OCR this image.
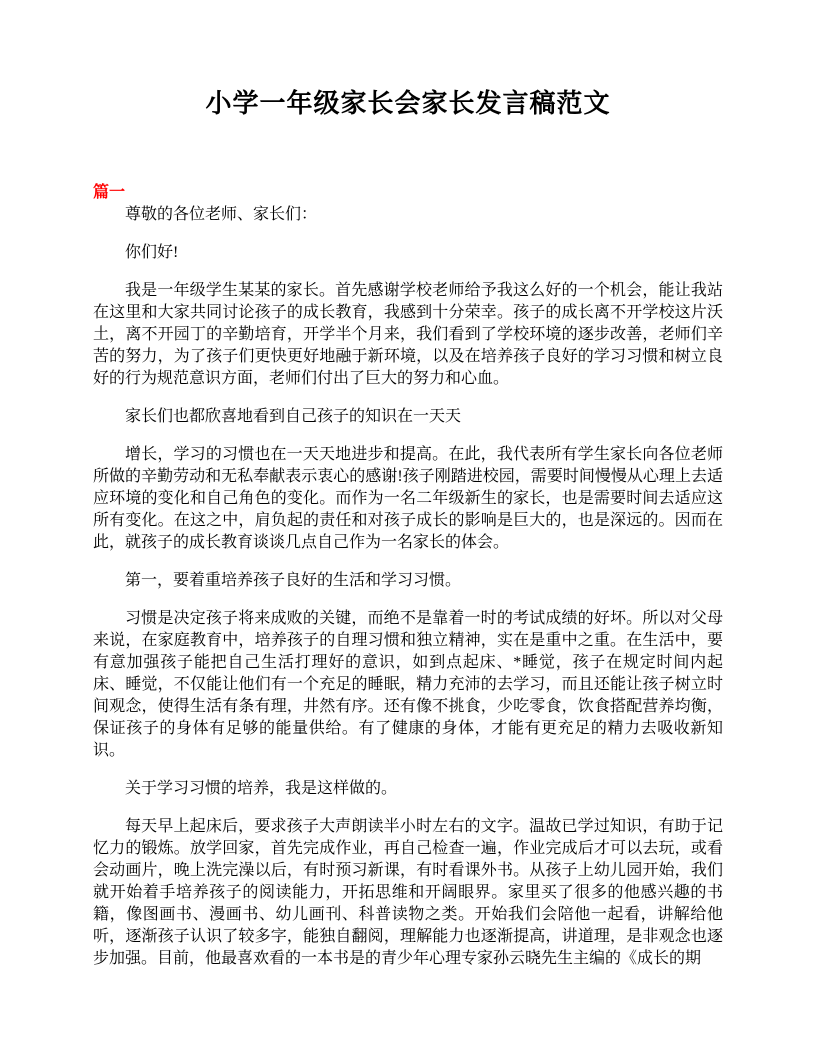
小学一年级家长会家长发言稿范文
篇一

尊敬的各位老师、家长们：

你们好!

我是一年级学生某某的家长。首先感谢学校老师给予我这么好的一个机会，能让我站在这里和大家共同讨论孩子的成长教育，我感到十分荣幸。孩子的成长离不开学校这片沃土，离不开园丁的辛勤培育，开学半个月来，我们看到了学校环境的逐步改善，老师们辛苦的努力，为了孩子们更快更好地融于新环境，以及在培养孩子良好的学习习惯和树立良好的行为规范意识方面，老师们付出了巨大的努力和心血。

家长们也都欣喜地看到自己孩子的知识在一天天

增长，学习的习惯也在一天天地进步和提高。在此，我代表所有学生家长向各位老师所做的辛勤劳动和无私奉献表示衷心的感谢!孩子刚踏进校园，需要时间慢慢从心理上去适应环境的变化和自己角色的变化。而作为一名二年级新生的家长，也是需要时间去适应这所有变化。在这之中，肩负起的责任和对孩子成长的影响是巨大的，也是深远的。因而在此，就孩子的成长教育谈谈几点自己作为一名家长的体会。

第一，要着重培养孩子良好的生活和学习习惯。

习惯是决定孩子将来成败的关键，而绝不是靠着一时的考试成绩的好坏。所以对父母来说，在家庭教育中，培养孩子的自理习惯和独立精神，实在是重中之重。在生活中，要有意加强孩子能把自己生活打理好的意识，如到点起床、*睡觉，孩子在规定时间内起床、睡觉，不仅能让他们有一个充足的睡眠，精力充沛的去学习，而且还能让孩子树立时间观念，使得生活有条有理，井然有序。还有像不挑食，少吃零食，饮食搭配营养均衡，保证孩子的身体有足够的能量供给。有了健康的身体，才能有更充足的精力去吸收新知识。

关于学习习惯的培养，我是这样做的。

每天早上起床后，要求孩子大声朗读半小时左右的文字。温故已学过知识，有助于记忆力的锻炼。放学回家，首先完成作业，再自己检查一遍，作业完成后才可以去玩，或看会动画片，晚上洗完澡以后，有时预习新课，有时看课外书。从孩子上幼儿园开始，我们就开始着手培养孩子的阅读能力，开拓思维和开阔眼界。家里买了很多的他感兴趣的书籍，像图画书、漫画书、幼儿画刊、科普读物之类。开始我们会陪他一起看，讲解给他听，逐渐孩子认识了较多字，能独自翻阅，理解能力也逐渐提高，讲道理，是非观念也逐步加强。目前，他最喜欢看的一本书是的青少年心理专家孙云晓先生主编的《成长的期
